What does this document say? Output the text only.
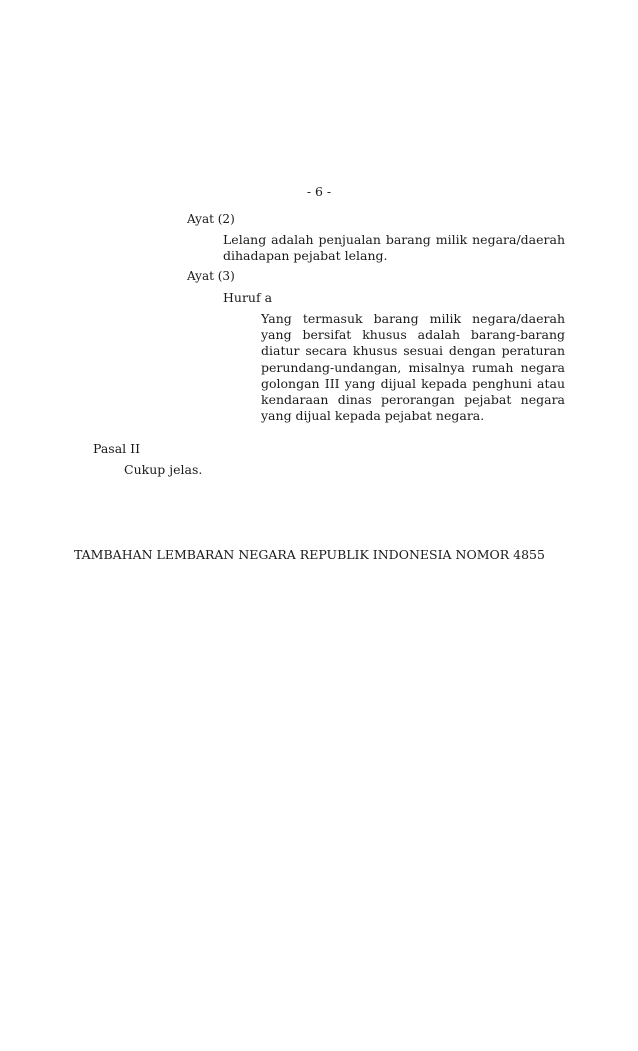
- 6 -
Ayat (2)
Lelang adalah penjualan barang milik negara/daerah
dihadapan pejabat lelang.
Ayat (3)
Huruf a
Yang termasuk barang milik negara/daerah
yang bersifat khusus adalah barang-barang
diatur secara khusus sesuai dengan peraturan
perundang-undangan, misalnya rumah negara
golongan III yang dijual kepada penghuni atau
kendaraan dinas perorangan pejabat negara
yang dijual kepada pejabat negara.
Pasal II
Cukup jelas.
TAMBAHAN LEMBARAN NEGARA REPUBLIK INDONESIA NOMOR 4855
